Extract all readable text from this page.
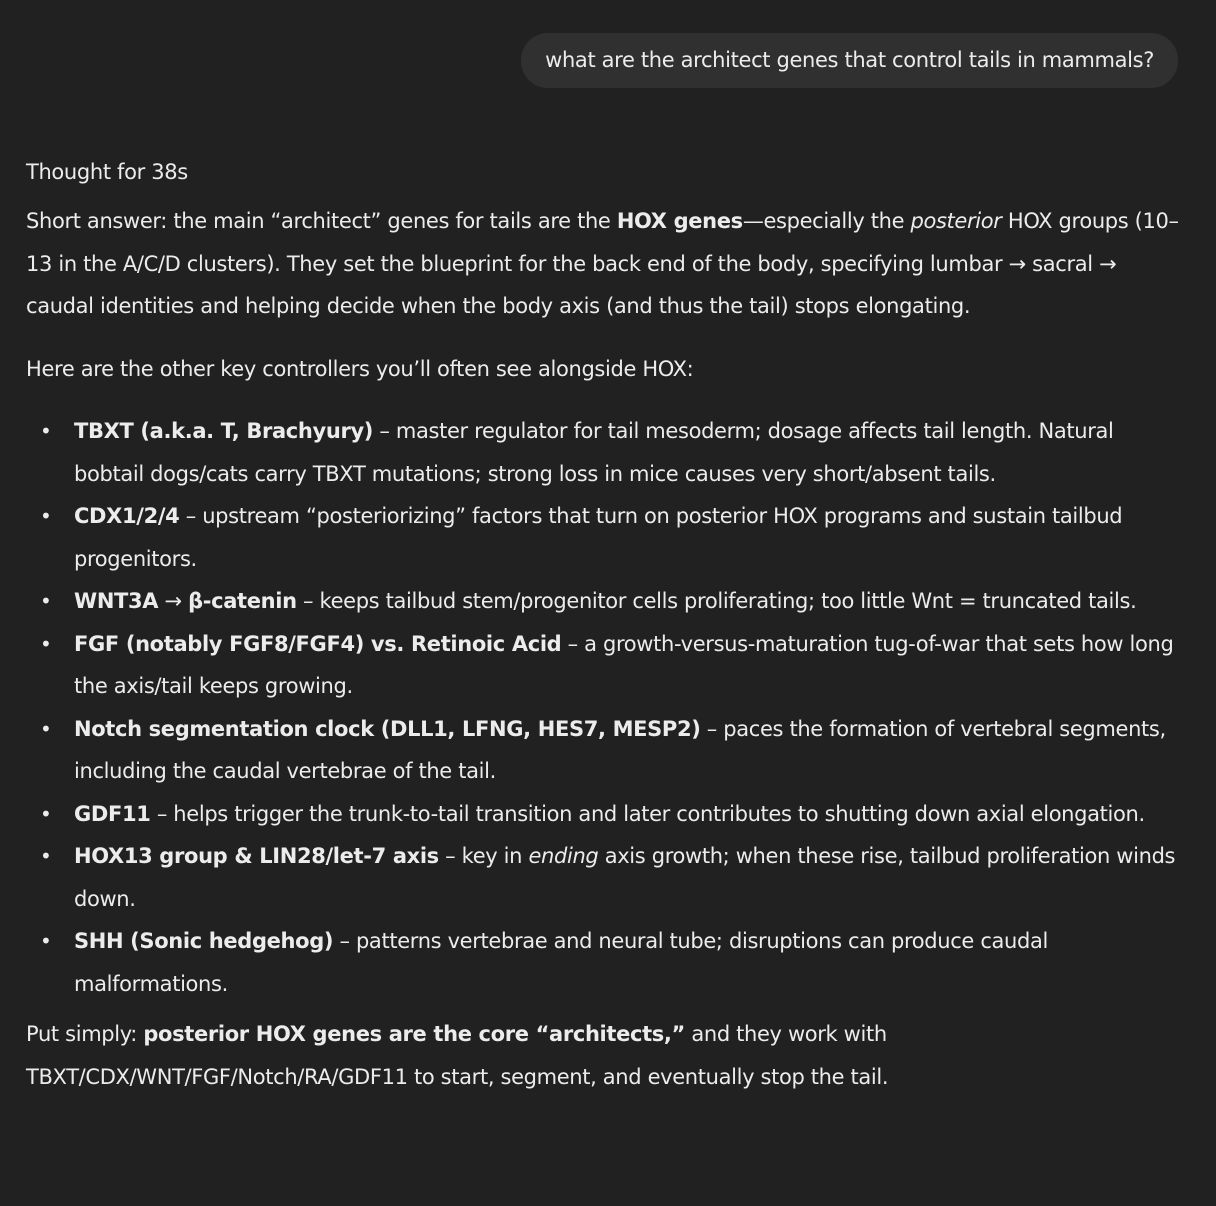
what are the architect genes that control tails in mammals?
Thought for 38s

Short answer: the main “architect” genes for tails are the HOX genes—especially the posterior HOX groups (10–13 in the A/C/D clusters). They set the blueprint for the back end of the body, specifying lumbar → sacral → caudal identities and helping decide when the body axis (and thus the tail) stops elongating.

Here are the other key controllers you’ll often see alongside HOX:

• TBXT (a.k.a. T, Brachyury) – master regulator for tail mesoderm; dosage affects tail length. Natural bobtail dogs/cats carry TBXT mutations; strong loss in mice causes very short/absent tails.
• CDX1/2/4 – upstream “posteriorizing” factors that turn on posterior HOX programs and sustain tailbud progenitors.
• WNT3A → β-catenin – keeps tailbud stem/progenitor cells proliferating; too little Wnt = truncated tails.
• FGF (notably FGF8/FGF4) vs. Retinoic Acid – a growth-versus-maturation tug-of-war that sets how long the axis/tail keeps growing.
• Notch segmentation clock (DLL1, LFNG, HES7, MESP2) – paces the formation of vertebral segments, including the caudal vertebrae of the tail.
• GDF11 – helps trigger the trunk-to-tail transition and later contributes to shutting down axial elongation.
• HOX13 group & LIN28/let-7 axis – key in ending axis growth; when these rise, tailbud proliferation winds down.
• SHH (Sonic hedgehog) – patterns vertebrae and neural tube; disruptions can produce caudal malformations.

Put simply: posterior HOX genes are the core “architects,” and they work with TBXT/CDX/WNT/FGF/Notch/RA/GDF11 to start, segment, and eventually stop the tail.
